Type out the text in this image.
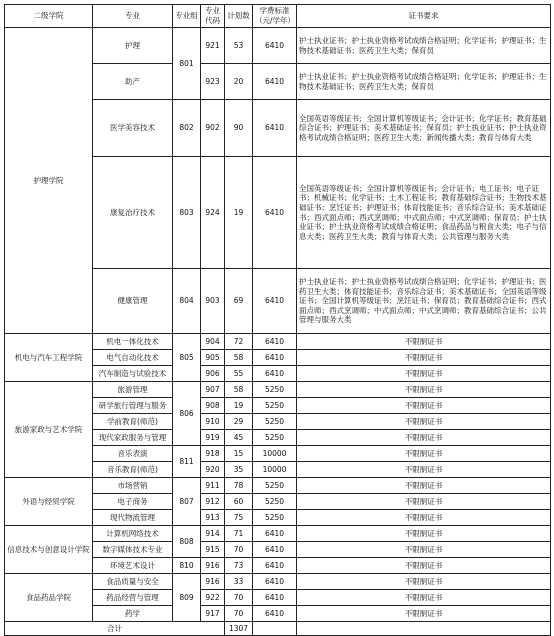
二级学院	专业	专业组	专业代码	计划数	学费标准（元/学年）	证书要求
护理学院	护理	801	921	53	6410	护士执业证书；护士执业资格考试成绩合格证明；化学证书；护理证书；生物技术基础证书；医药卫生大类；保育员
	助产		923	20	6410	护士执业证书；护士执业资格考试成绩合格证明；化学证书；护理证书；生物技术基础证书；医药卫生大类；保育员
	医学美容技术	802	902	90	6410	全国英语等级证书；全国计算机等级证书；会计证书；化学证书；教育基础综合证书；护理证书；美术基础证书；保育员；护士执业证书；护士执业资格考试成绩合格证明；医药卫生大类；新闻传播大类；教育与体育大类
	康复治疗技术	803	924	19	6410	全国英语等级证书；全国计算机等级证书；会计证书；电工证书；电子证书；机械证书；化学证书；土木工程证书；教育基础综合证书；生物技术基础证书；烹饪证书；护理证书；体育技能证书；音乐综合证书；美术基础证书；西式面点师；西式烹调师；中式面点师；中式烹调师；保育员；护士执业证书；护士执业资格考试成绩合格证明；食品药品与粮食大类；电子与信息大类；医药卫生大类；教育与体育大类；公共管理与服务大类
	健康管理	804	903	69	6410	护士执业证书；护士执业资格考试成绩合格证明；化学证书；护理证书；医药卫生大类；体育技能证书；音乐综合证书；美术基础证书；全国英语等级证书；全国计算机等级证书；烹饪证书；保育员；教育基础综合证书；西式面点师；西式烹调师；中式面点师；中式烹调师；教育基础综合证书；公共管理与服务大类
机电与汽车工程学院	机电一体化技术	805	904	72	6410	不限制证书
	电气自动化技术		905	58	6410	不限制证书
	汽车制造与试验技术		906	55	6410	不限制证书
旅游家政与艺术学院	旅游管理	806	907	58	5250	不限制证书
	研学旅行管理与服务		908	19	5250	不限制证书
	学前教育(师范)		910	29	5250	不限制证书
	现代家政服务与管理		919	45	5250	不限制证书
	音乐表演	811	918	15	10000	不限制证书
	音乐教育(师范)		920	35	10000	不限制证书
外语与经贸学院	市场营销	807	911	78	5250	不限制证书
	电子商务		912	60	5250	不限制证书
	现代物流管理		913	75	5250	不限制证书
信息技术与创意设计学院	计算机网络技术	808	914	71	6410	不限制证书
	数字媒体技术专业		915	70	6410	不限制证书
	环境艺术设计	810	916	73	6410	不限制证书
食品药品学院	食品质量与安全	809	916	33	6410	不限制证书
	药品经营与管理		922	70	6410	不限制证书
	药学		917	70	6410	不限制证书
合计				1307		
